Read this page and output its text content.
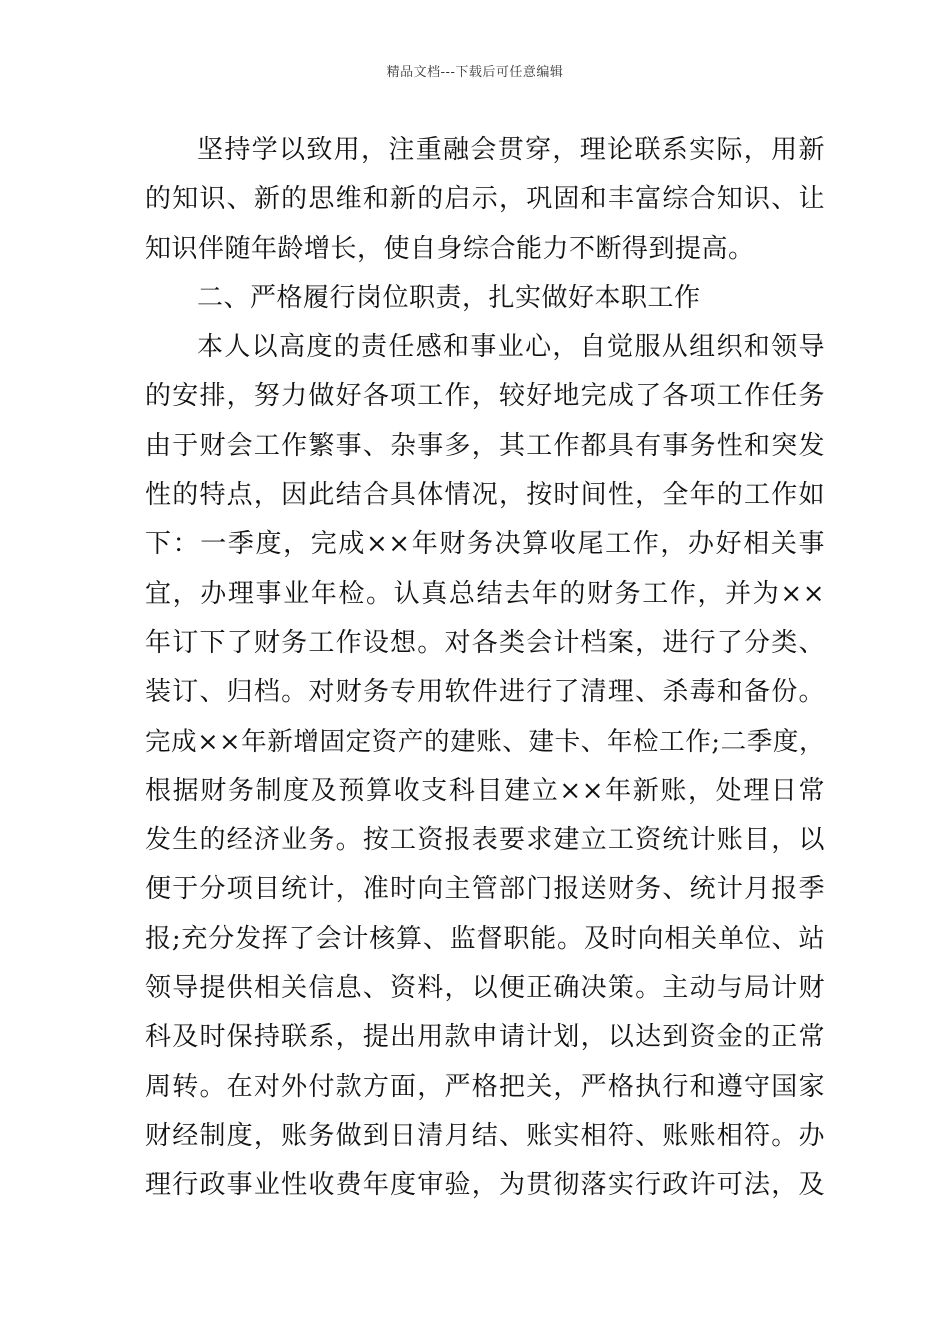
精品文档---下载后可任意编辑
坚持学以致用，注重融会贯穿，理论联系实际，用新
的知识、新的思维和新的启示，巩固和丰富综合知识、让
知识伴随年龄增长，使自身综合能力不断得到提高。
二、严格履行岗位职责，扎实做好本职工作
本人以高度的责任感和事业心，自觉服从组织和领导
的安排，努力做好各项工作，较好地完成了各项工作任务
由于财会工作繁事、杂事多，其工作都具有事务性和突发
性的特点，因此结合具体情况，按时间性，全年的工作如
下：一季度，完成××年财务决算收尾工作，办好相关事
宜，办理事业年检。认真总结去年的财务工作，并为××
年订下了财务工作设想。对各类会计档案，进行了分类、
装订、归档。对财务专用软件进行了清理、杀毒和备份。
完成××年新增固定资产的建账、建卡、年检工作;二季度，
根据财务制度及预算收支科目建立××年新账，处理日常
发生的经济业务。按工资报表要求建立工资统计账目，以
便于分项目统计，准时向主管部门报送财务、统计月报季
报;充分发挥了会计核算、监督职能。及时向相关单位、站
领导提供相关信息、资料，以便正确决策。主动与局计财
科及时保持联系，提出用款申请计划，以达到资金的正常
周转。在对外付款方面，严格把关，严格执行和遵守国家
财经制度，账务做到日清月结、账实相符、账账相符。办
理行政事业性收费年度审验，为贯彻落实行政许可法，及
